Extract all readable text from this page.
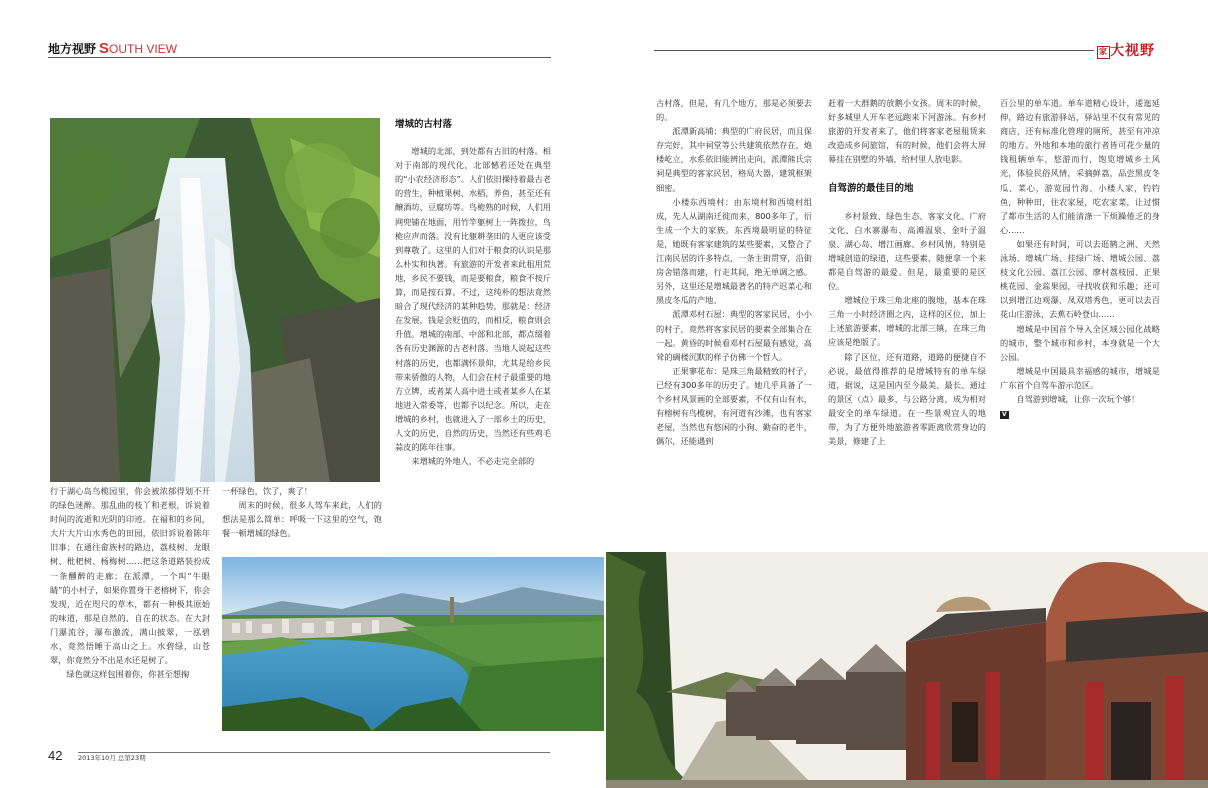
地方视野 SOUTH VIEW	家 大视野
增城的古村落

增城的北部，到处都有古旧的村落。相对于南部的现代化，北部憾若还处在典型的“小农经济形态”。人们依旧操持着最古老的营生，种植果树、水稻，养鱼，甚至还有醸酒坊、豆腐坊等。鸟桅熟的时候，人们用网兜铺在地面，用竹竿躯树上一阵拨拉，鸟桅应声而落。没有比躯耕垄田的人更应该受到尊敬了。这里的人们对于粮食的认识是那么朴实和执著。有旅游的开发者来此租用荒地，乡民不要钱，而是要粮食，粮食不按斤算，而是按石算。不过，这纯朴的想法竟然暗合了现代经济的某种趋势，那就是：经济在发展，钱是会贬值的，而相反，粮食则会升值。增城的南部、中部和北部，都点缀着各有历史渊源的古老村落。当地人说起这些村落的历史，也都满怀景仰，尤其是给乡民带来骄傲的人物，人们会在村子最重要的地方立牌，或者某人高中进士或者某乡人在某地进入常委等，也都予以纪念。所以，走在增城的乡村，也就进入了一部乡土的历史，人文的历史，自然的历史，当然还有些鸡毛蒜皮的陈年往事。

来增城的外地人，不必走完全部的

行于湖心岛鸟榄园里，你会被浓郁得划不开的绿色迷醉。那乱曲的枝丫和老根，诉说着时间的流逝和光阴的印迹。在福和的乡间，大片大片山水秀色的田园，依旧诉说着陈年旧事；在通往畲族村的路边，荔枝树、龙眼树、枇杷树、杨梅树……把这条道路装扮成一条醺醉的走廊；在派潭，一个叫“牛眼睛”的小村子，如果你置身于老榕树下，你会发现，近在咫尺的草木，都有一种极其原始的味道，那是自然的、自在的状态。在大封门瀑流谷，瀑布激流，满山披翠，一泓碧水，竟然悟睡于高山之上。水碧绿，山苍翠，你竟然分不出是水还是树了。

绿色就这样包围着你，你甚至想掬

一杯绿色，饮了，爽了！

周末的时候，很多人驾车来此，人们的想法是那么简单：呼吸一下这里的空气，饱餐一顿增城的绿色。

古村落，但是，有几个地方，那是必须要去的。

派潭新高埔：典型的广府民居，而且保存完好，其中祠堂等公共建筑依然存在，炮楼屹立，水系依旧能辨出走向，派潭熊氏宗祠是典型的客家民居，格局大器，建筑框架细密。

小楼东西境村：由东境村和西境村组成，先人从湖南迁徙而来，800多年了，衍生成一个大的家族。东西境最明显的特征是，她既有客家建筑的某些要素，又整合了江南民居的许多特点，一条主街贯穿，沿街房舍错落而建，行走其间，绝无单调之感。另外，这里还是增城最著名的特产迟菜心和黑皮冬瓜的产地。

派潭邓村石屋：典型的客家民居，小小的村子，竟然将客家民居的要素全部集合在一起。黄昏的时候看邓村石屋最有感觉，高耸的碉楼沉默的样子仿佛一个哲人。

正果寥花布：是珠三角最精致的村子，已经有300多年的历史了。她几乎具备了一个乡村风景画的全部要素，不仅有山有水，有榕树有鸟榄树，有河道有沙滩，也有客家老屋，当然也有悠闲的小狗、勤奋的老牛，偶尔，还能遇到

赶着一大群鹅的放鹅小女孩。周末的时候，好多城里人开车老远跑来下河游泳。有乡村旅游的开发者来了，他们将客家老屋租赁来改造成乡间旅馆，有的时候，他们会将大屏幕挂在别墅的外墙，给村里人放电影。

自驾游的最佳目的地

乡村景致、绿色生态、客家文化、广府文化、白水寨瀑布、高滩温泉、金叶子温泉、湖心岛、增江画廊、乡村风情，特别是增城创造的绿道，这些要素，随便拿一个来都是自驾游的最爱。但是，最重要的是区位。

增城位于珠三角北座的腹地，基本在珠三角一小时经济圈之内，这样的区位，加上上述旅游要素，增城的北部三镇，在珠三角应该是绝版了。

除了区位，还有道路，道路的便捷自不必说，最值得推荐的是增城特有的单车绿道，据说，这是国内至今最美、最长、通过的景区（点）最多、与公路分离，成为相对最安全的单车绿道。在一些景观宜人的地带，为了方便外地旅游者零距离欣赏身边的美景，修建了上

百公里的单车道。单车道精心设计，逶迤延伸，路边有旅游驿站，驿站里不仅有常见的商店，还有标准化管理的厕所，甚至有冲凉的地方。外地和本地的旅行者皆可花少量的钱租辆单车，悠游而行，饱览增城乡土风光，体验民俗风情，采摘鲜荔，品尝黑皮冬瓜、菜心，游览园竹海、小楼人家，钓钓鱼，种种田，住农家屋，吃农家菜，让过惯了都市生活的人们能清涤一下烦躁倦乏的身心……

如果还有时间，可以去逛鹤之洲、天然泳场、增城广场、挂绿广场、增城公园、荔枝文化公园、荔江公园、廖村荔枝园、正果桃花园、金蕊果园，寻找收获和乐趣；还可以到增江边观瀑、凤双塔秀色，更可以去百花山庄游泳，去蕉石岭登山……

增城是中国首个导入全区域公园化战略的城市，整个城市和乡村，本身就是一个大公园。

增城是中国最具幸福感的城市，增城是广东首个自驾车游示范区。

自驾游到增城，让你一次玩个够！

V

42 2013年10月 总第23期
